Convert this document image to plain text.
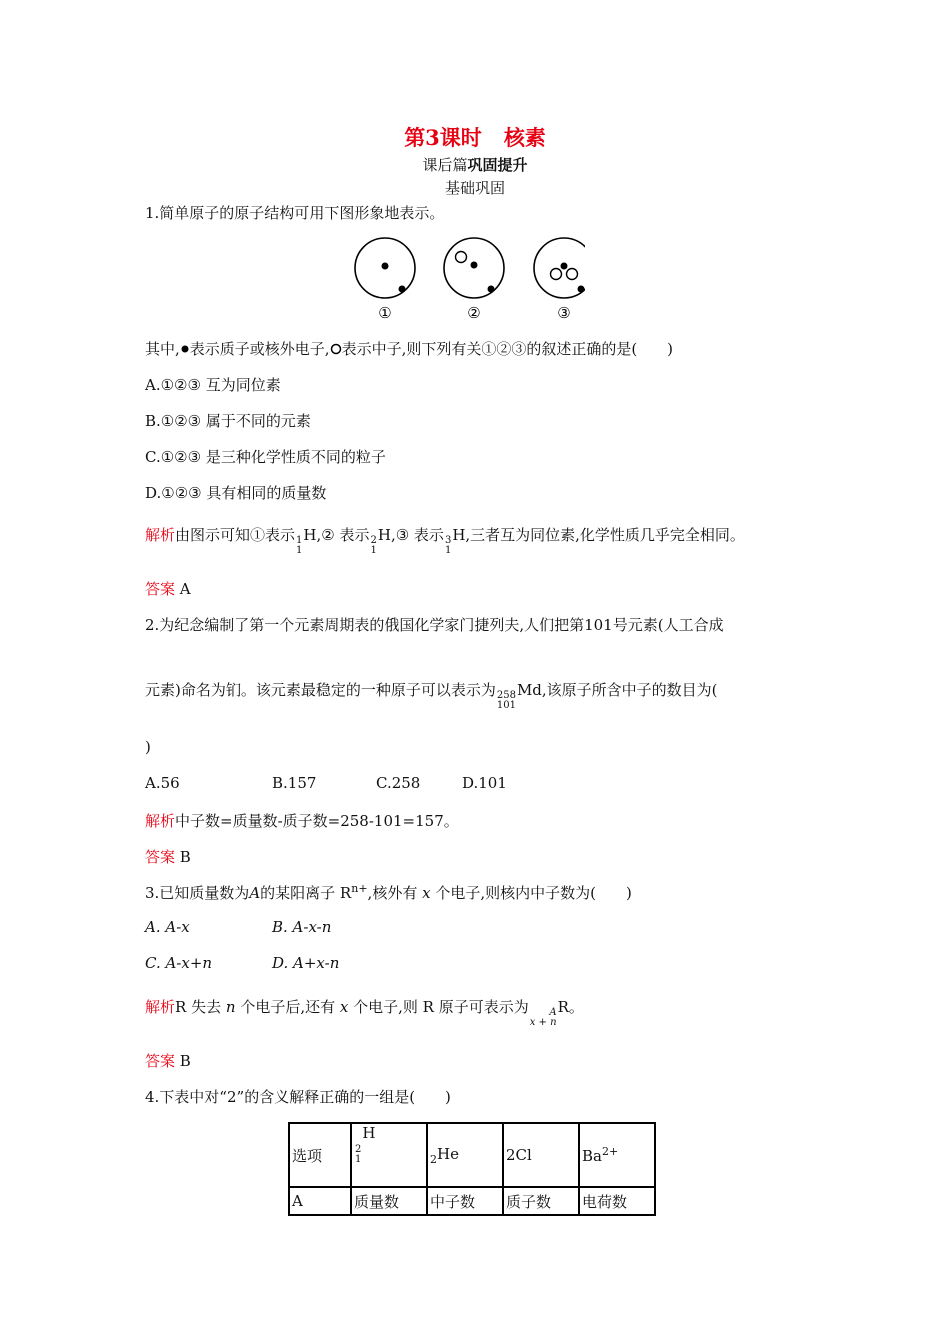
第3课时 核素
课后篇巩固提升
基础巩固
1.简单原子的原子结构可用下图形象地表示。
①	②	③
其中, 表示质子或核外电子, 表示中子,则下列有关①②③的叙述正确的是(　　)
A.①②③ 互为同位素
B.①②③ 属于不同的元素
C.①②③ 是三种化学性质不同的粒子
D.①②③ 具有相同的质量数
解析由图示可知①表示 1
1
H,② 表示 2
1
H,③ 表示 3
1
H,三者互为同位素,化学性质几乎完全相同。
答案 A
2.为纪念编制了第一个元素周期表的俄国化学家门捷列夫,人们把第101号元素(人工合成
元素)命名为钔。该元素最稳定的一种原子可以表示为 258
101
Md,该原子所含中子的数目为(
)
A.56	B.157	C.258	D.101
解析中子数=质量数-质子数=258-101=157。
答案 B
3.已知质量数为A的某阳离子 $R^{n+}$,核外有 x 个电子,则核内中子数为(　　)
A. A-x	B. A-x-n
C. A-x+n	D. A+x-n
解析R 失去 n 个电子后,还有 x 个电子,则 R 原子可表示为 A
x + n
R。
答案 B
4.下表中对“2”的含义解释正确的一组是(　　)
选项	2
1
H	$_2$He	2Cl	$Ba^{2+}$
A	质量数	中子数	质子数	电荷数
